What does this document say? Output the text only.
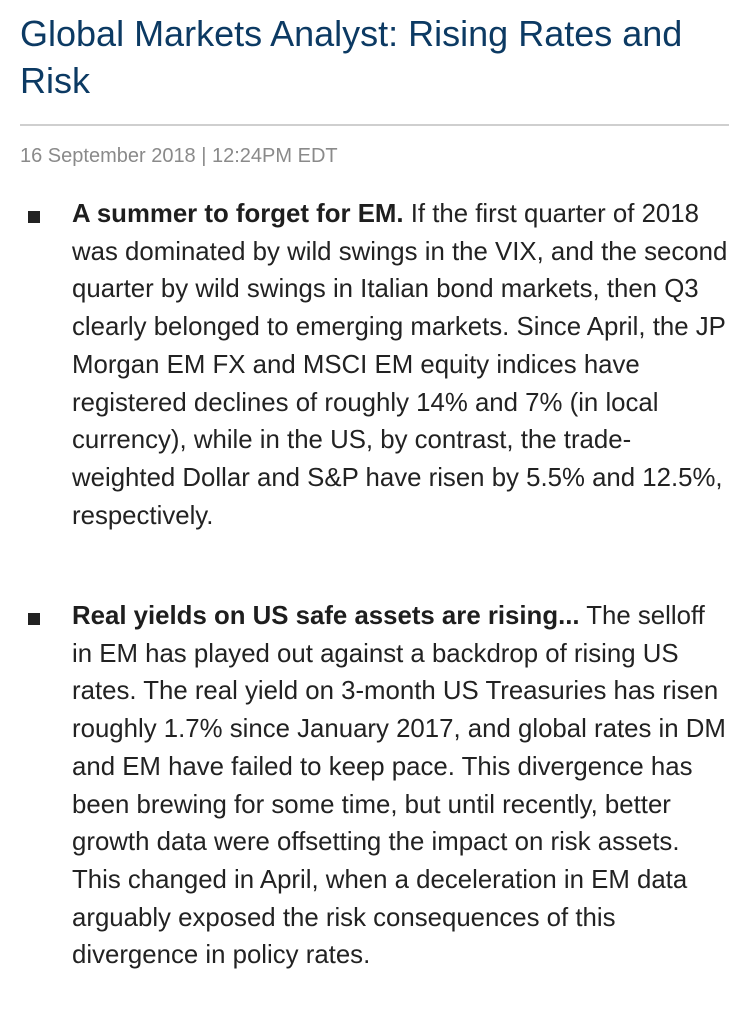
Global Markets Analyst: Rising Rates and Risk
16 September 2018 | 12:24PM EDT

A summer to forget for EM. If the first quarter of 2018 was dominated by wild swings in the VIX, and the second quarter by wild swings in Italian bond markets, then Q3 clearly belonged to emerging markets. Since April, the JP Morgan EM FX and MSCI EM equity indices have registered declines of roughly 14% and 7% (in local currency), while in the US, by contrast, the trade-weighted Dollar and S&P have risen by 5.5% and 12.5%, respectively.

Real yields on US safe assets are rising... The selloff in EM has played out against a backdrop of rising US rates. The real yield on 3-month US Treasuries has risen roughly 1.7% since January 2017, and global rates in DM and EM have failed to keep pace. This divergence has been brewing for some time, but until recently, better growth data were offsetting the impact on risk assets. This changed in April, when a deceleration in EM data arguably exposed the risk consequences of this divergence in policy rates.
